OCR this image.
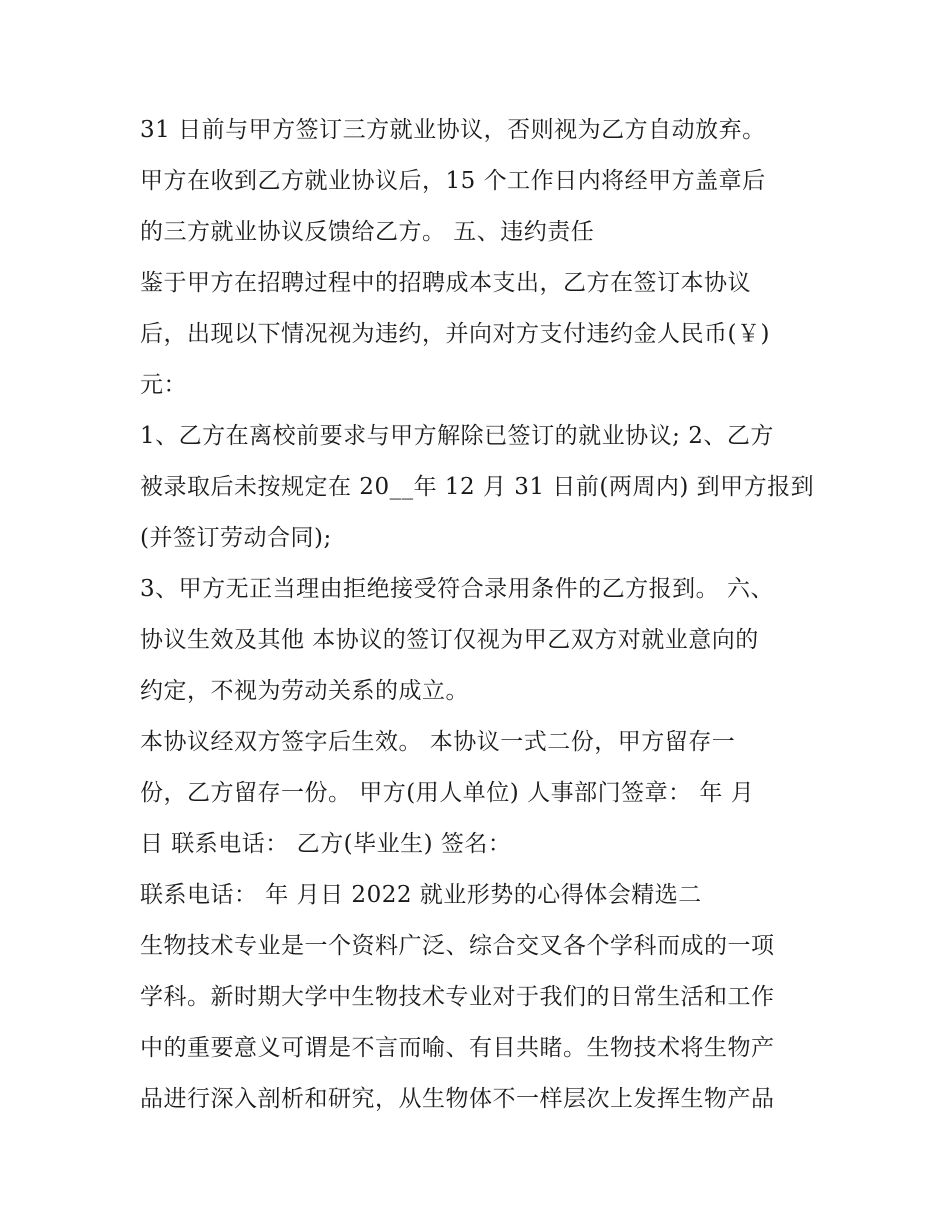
31 日前与甲方签订三方就业协议，否则视为乙方自动放弃。
甲方在收到乙方就业协议后，15 个工作日内将经甲方盖章后
的三方就业协议反馈给乙方。 五、违约责任
鉴于甲方在招聘过程中的招聘成本支出，乙方在签订本协议
后，出现以下情况视为违约，并向对方支付违约金人民币(￥)
元：
1、乙方在离校前要求与甲方解除已签订的就业协议; 2、乙方
被录取后未按规定在 20__年 12 月 31 日前(两周内) 到甲方报到
(并签订劳动合同);
3、甲方无正当理由拒绝接受符合录用条件的乙方报到。 六、
协议生效及其他 本协议的签订仅视为甲乙双方对就业意向的
约定，不视为劳动关系的成立。
本协议经双方签字后生效。 本协议一式二份，甲方留存一
份，乙方留存一份。 甲方(用人单位) 人事部门签章： 年 月
日 联系电话： 乙方(毕业生) 签名：
联系电话： 年 月日 2022 就业形势的心得体会精选二
生物技术专业是一个资料广泛、综合交叉各个学科而成的一项
学科。新时期大学中生物技术专业对于我们的日常生活和工作
中的重要意义可谓是不言而喻、有目共睹。生物技术将生物产
品进行深入剖析和研究，从生物体不一样层次上发挥生物产品
